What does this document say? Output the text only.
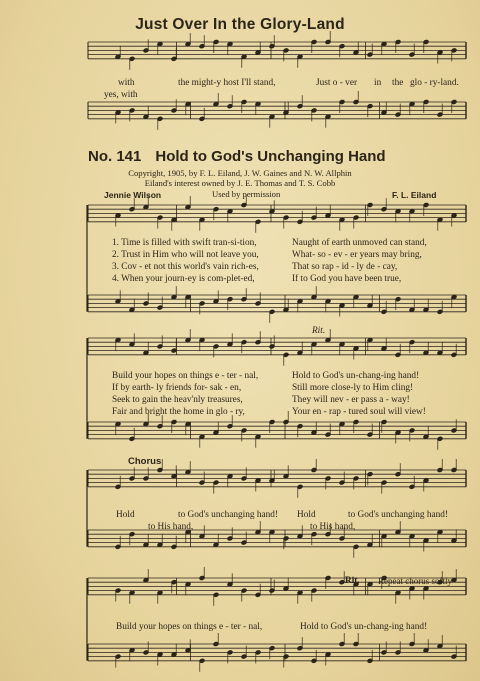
Just Over In the Glory-Land
with	the might-y host I'll stand,	Just o - ver in the glo - ry-land.
yes, with
No. 141 Hold to God's Unchanging Hand
Copyright, 1905, by F. L. Eiland, J. W. Gaines and N. W. Allphin
Eiland's interest owned by J. E. Thomas and T. S. Cobb
Jennie Wilson	Used by permission	F. L. Eiland
1. Time is filled with swift tran-si-tion,	Naught of earth unmoved can stand,
2. Trust in Him who will not leave you,	What- so - ev - er years may bring,
3. Cov - et not this world's vain rich-es,	That so rap - id - ly de - cay,
4. When your journ-ey is com-plet-ed,	If to God you have been true,
Rit.
Build your hopes on things e - ter - nal,	Hold to God's un-chang-ing hand!
If by earth- ly friends for- sak - en,	Still more close-ly to Him cling!
Seek to gain the heav'nly treasures,	They will nev - er pass a - way!
Fair and bright the home in glo - ry,	Your en - rap - tured soul will view!
Chorus
Hold	to God's unchanging hand! Hold	to God's unchanging hand!
to His hand,	to His hand,
Rit. Repeat chorus softly
Build your hopes on things e - ter - nal,	Hold to God's un-chang-ing hand!
